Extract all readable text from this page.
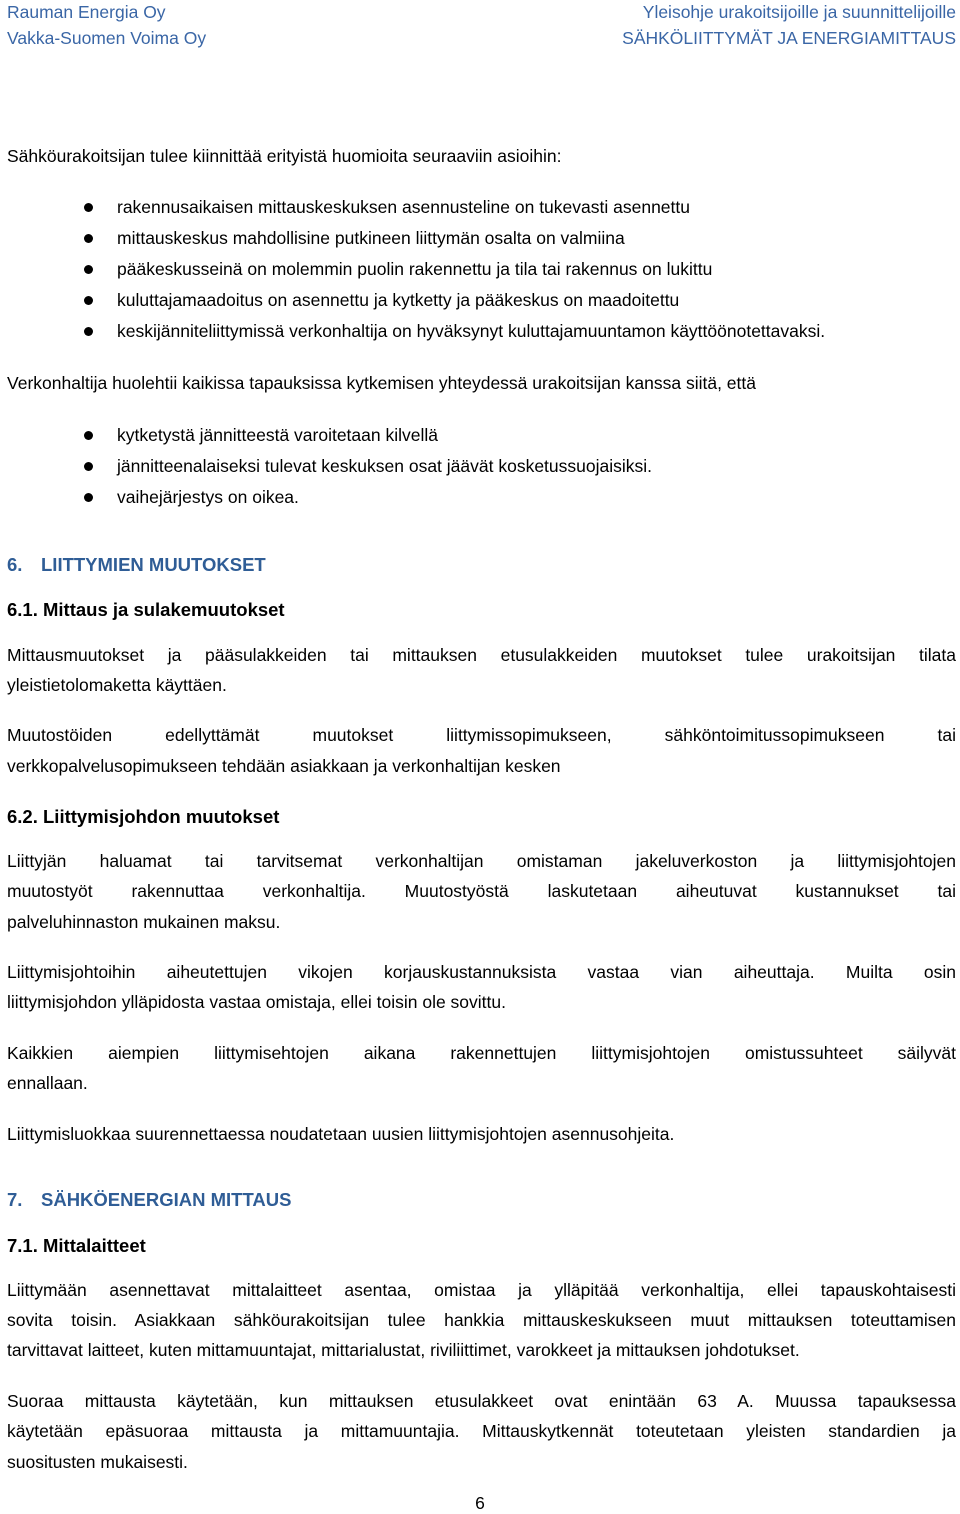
Rauman Energia Oy
Vakka-Suomen Voima Oy
Yleisohje urakoitsijoille ja suunnittelijoille
SÄHKÖLIITTYMÄT JA ENERGIAMITTAUS
Sähköurakoitsijan tulee kiinnittää erityistä huomioita seuraaviin asioihin:
rakennusaikaisen mittauskeskuksen asennusteline on tukevasti asennettu
mittauskeskus mahdollisine putkineen liittymän osalta on valmiina
pääkeskusseinä on molemmin puolin rakennettu ja tila tai rakennus on lukittu
kuluttajamaadoitus on asennettu ja kytketty ja pääkeskus on maadoitettu
keskijänniteliittymissä verkonhaltija on hyväksynyt kuluttajamuuntamon käyttöönotettavaksi.
Verkonhaltija huolehtii kaikissa tapauksissa kytkemisen yhteydessä urakoitsijan kanssa siitä, että
kytketystä jännitteestä varoitetaan kilvellä
jännitteenalaiseksi tulevat keskuksen osat jäävät kosketussuojaisiksi.
vaihejärjestys on oikea.
6. LIITTYMIEN MUUTOKSET
6.1. Mittaus ja sulakemuutokset
Mittausmuutokset ja pääsulakkeiden tai mittauksen etusulakkeiden muutokset tulee urakoitsijan tilata
yleistietolomaketta käyttäen.
Muutostöiden edellyttämät muutokset liittymissopimukseen, sähköntoimitussopimukseen tai
verkkopalvelusopimukseen tehdään asiakkaan ja verkonhaltijan kesken
6.2. Liittymisjohdon muutokset
Liittyjän haluamat tai tarvitsemat verkonhaltijan omistaman jakeluverkoston ja liittymisjohtojen
muutostyöt rakennuttaa verkonhaltija. Muutostyöstä laskutetaan aiheutuvat kustannukset tai
palveluhinnaston mukainen maksu.
Liittymisjohtoihin aiheutettujen vikojen korjauskustannuksista vastaa vian aiheuttaja. Muilta osin
liittymisjohdon ylläpidosta vastaa omistaja, ellei toisin ole sovittu.
Kaikkien aiempien liittymisehtojen aikana rakennettujen liittymisjohtojen omistussuhteet säilyvät
ennallaan.
Liittymisluokkaa suurennettaessa noudatetaan uusien liittymisjohtojen asennusohjeita.
7. SÄHKÖENERGIAN MITTAUS
7.1. Mittalaitteet
Liittymään asennettavat mittalaitteet asentaa, omistaa ja ylläpitää verkonhaltija, ellei tapauskohtaisesti
sovita toisin. Asiakkaan sähköurakoitsijan tulee hankkia mittauskeskukseen muut mittauksen toteuttamisen
tarvittavat laitteet, kuten mittamuuntajat, mittarialustat, riviliittimet, varokkeet ja mittauksen johdotukset.
Suoraa mittausta käytetään, kun mittauksen etusulakkeet ovat enintään 63 A. Muussa tapauksessa
käytetään epäsuoraa mittausta ja mittamuuntajia. Mittauskytkennät toteutetaan yleisten standardien ja
suositusten mukaisesti.
6
